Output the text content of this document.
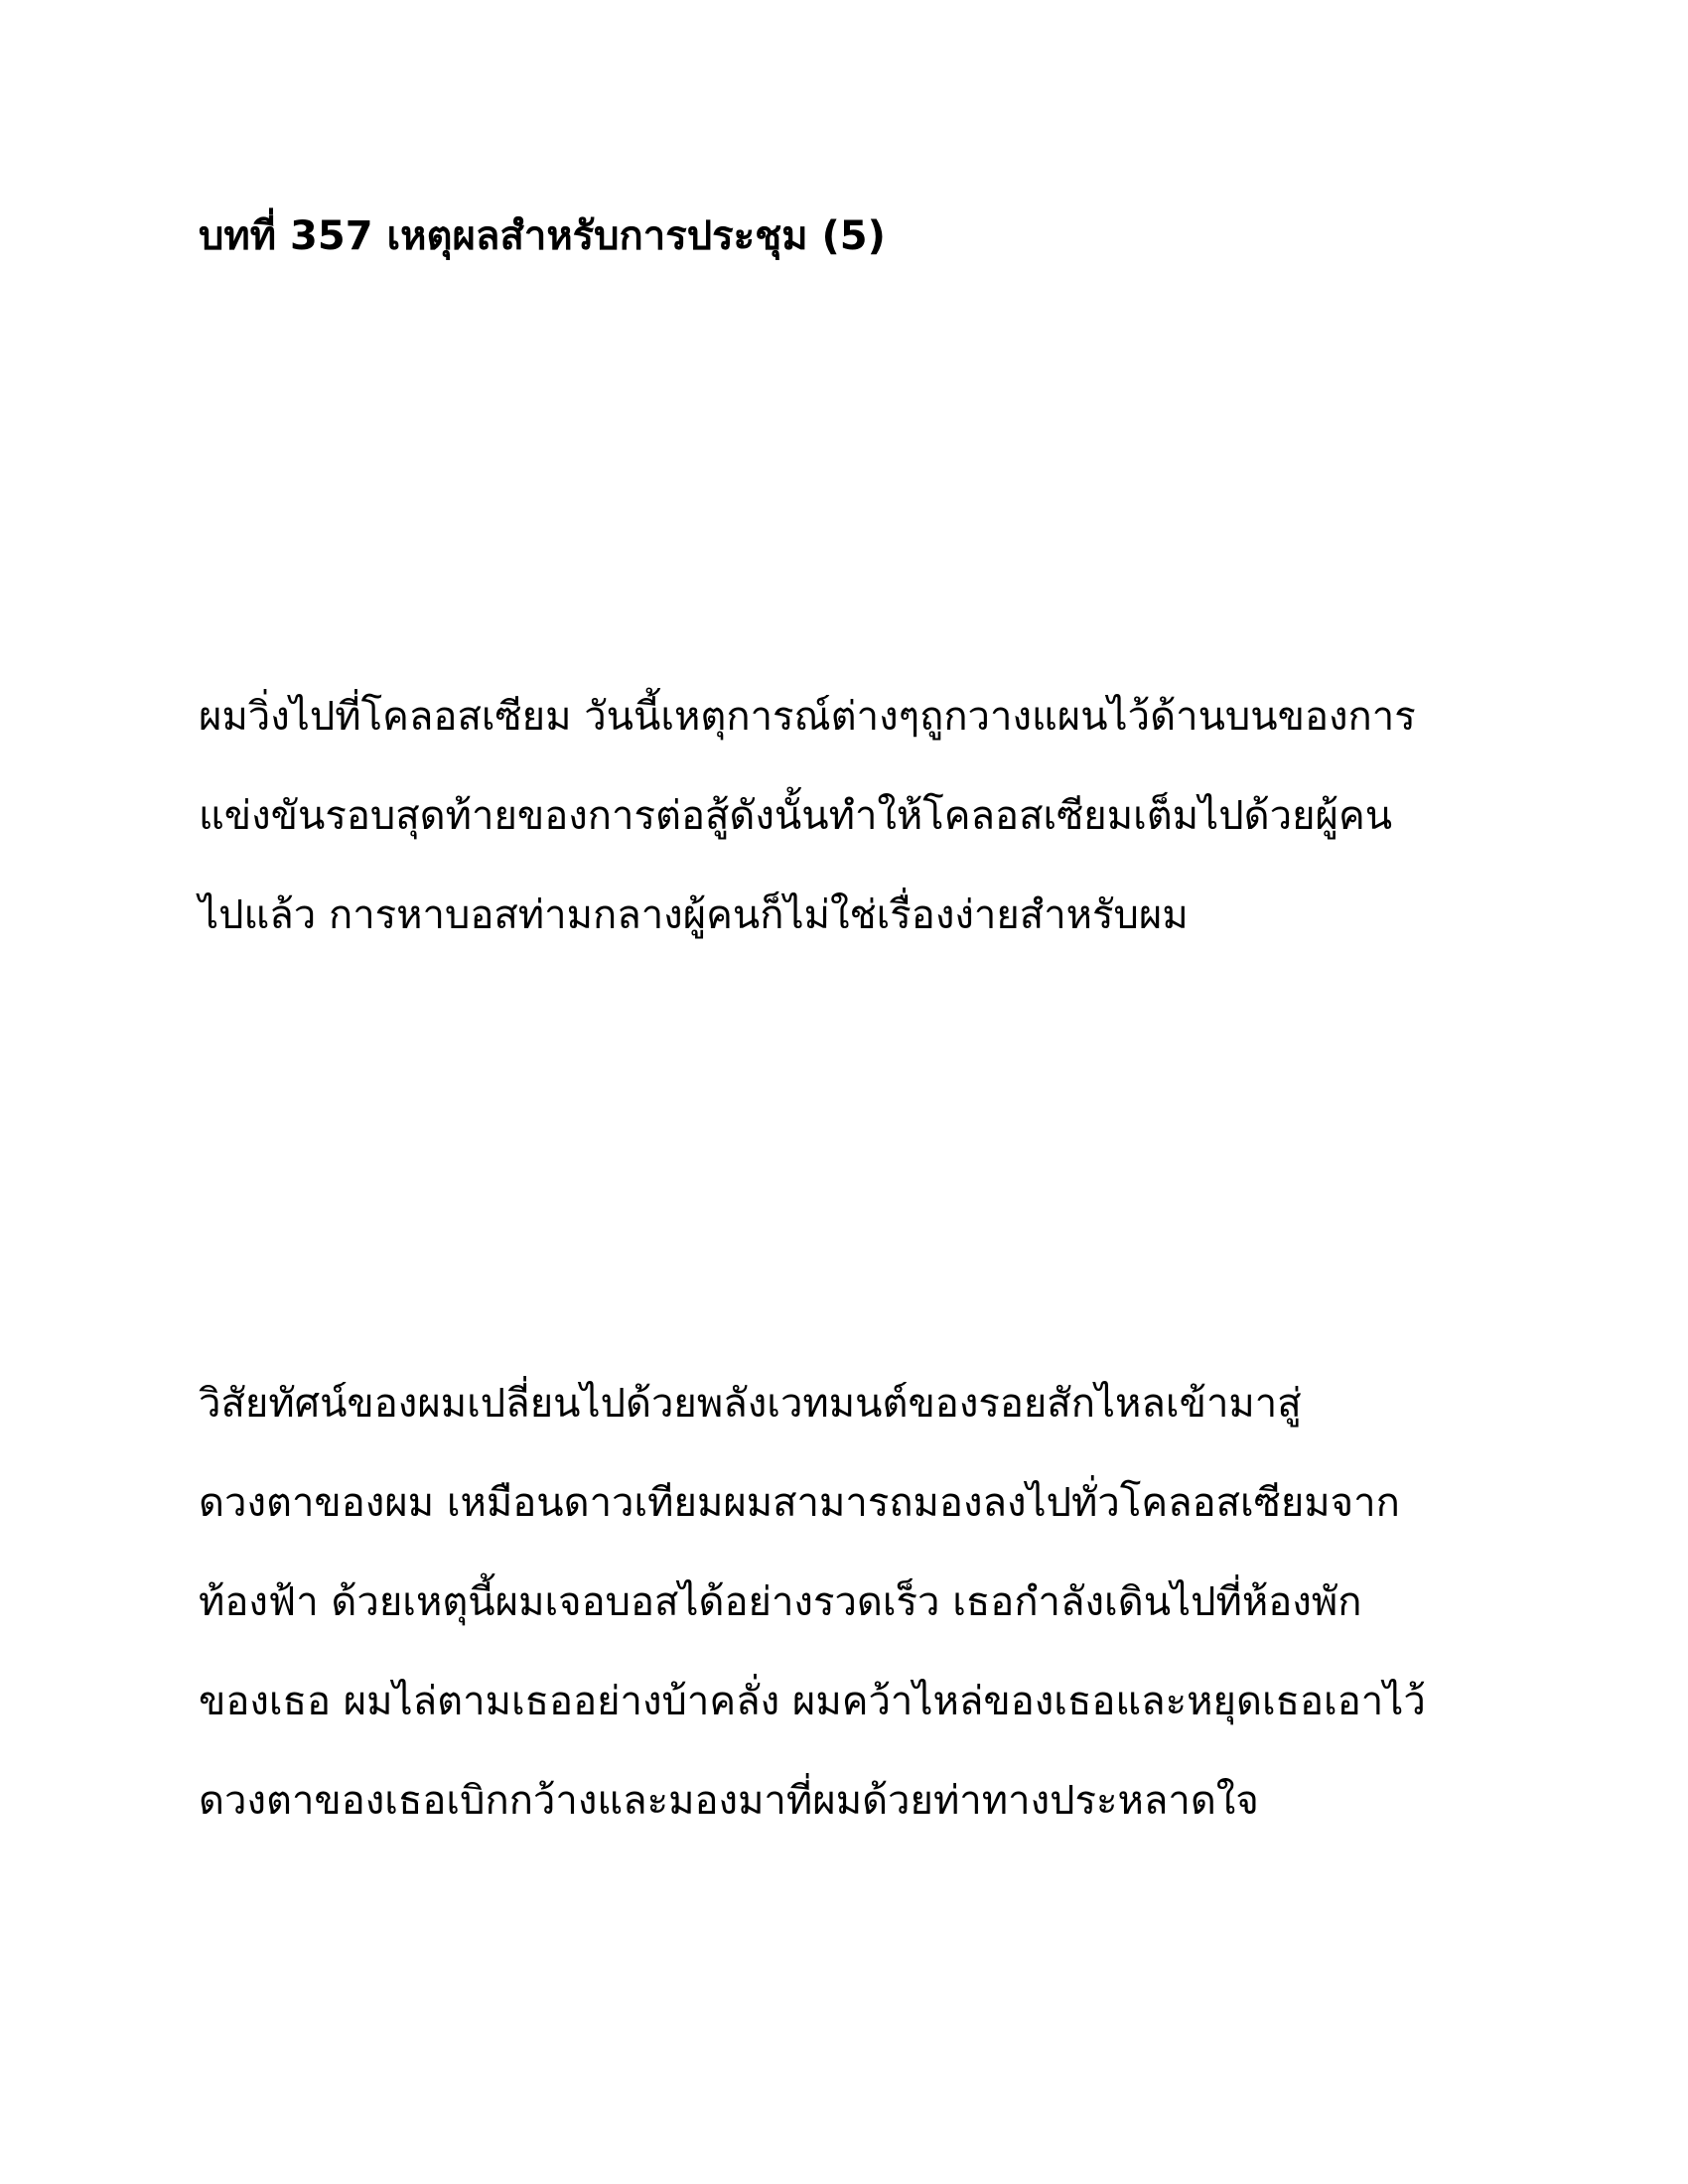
บทที่ 357 เหตุผลสำหรับการประชุม (5)
ผมวิ่งไปที่โคลอสเซียม วันนี้เหตุการณ์ต่างๆถูกวางแผนไว้ด้านบนของการ
แข่งขันรอบสุดท้ายของการต่อสู้ดังนั้นทำให้โคลอสเซียมเต็มไปด้วยผู้คน
ไปแล้ว การหาบอสท่ามกลางผู้คนก็ไม่ใช่เรื่องง่ายสำหรับผม
วิสัยทัศน์ของผมเปลี่ยนไปด้วยพลังเวทมนต์ของรอยสักไหลเข้ามาสู่
ดวงตาของผม เหมือนดาวเทียมผมสามารถมองลงไปทั่วโคลอสเซียมจาก
ท้องฟ้า ด้วยเหตุนี้ผมเจอบอสได้อย่างรวดเร็ว เธอกำลังเดินไปที่ห้องพัก
ของเธอ ผมไล่ตามเธออย่างบ้าคลั่ง ผมคว้าไหล่ของเธอและหยุดเธอเอาไว้
ดวงตาของเธอเบิกกว้างและมองมาที่ผมด้วยท่าทางประหลาดใจ
